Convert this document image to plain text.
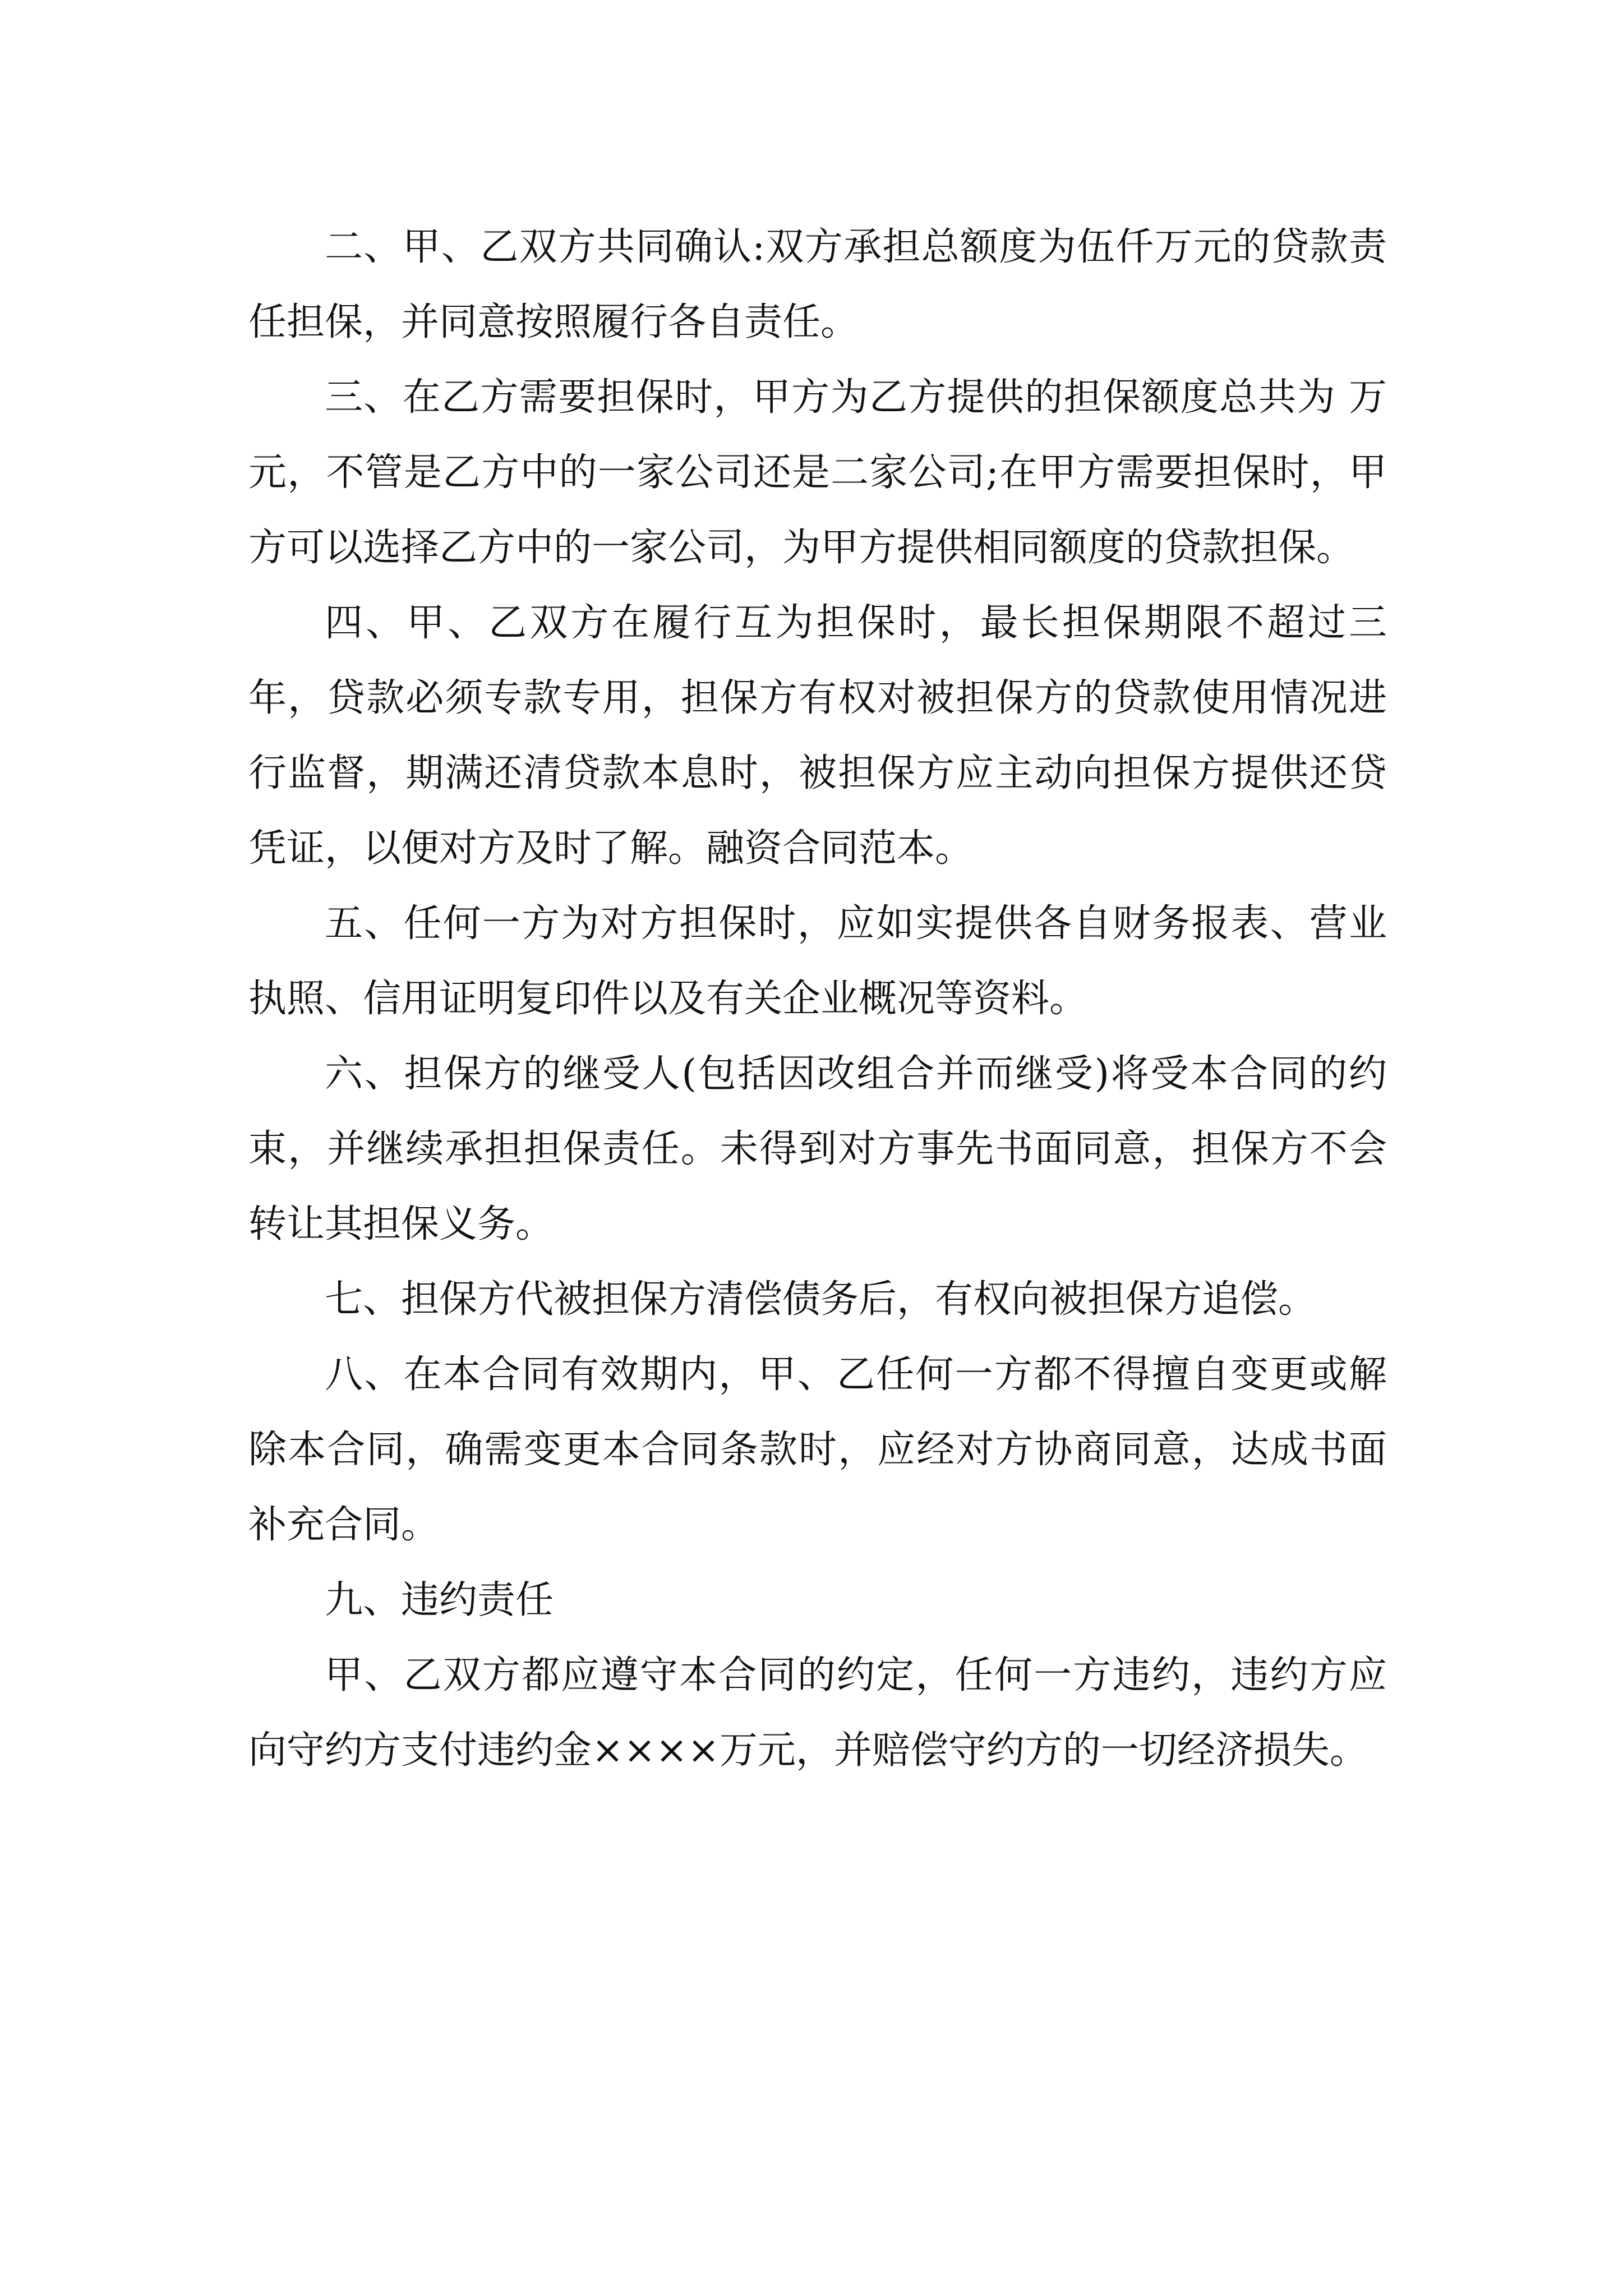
二、甲、乙双方共同确认:双方承担总额度为伍仟万元的贷款责任担保，并同意按照履行各自责任。

三、在乙方需要担保时，甲方为乙方提供的担保额度总共为 万元，不管是乙方中的一家公司还是二家公司;在甲方需要担保时，甲方可以选择乙方中的一家公司，为甲方提供相同额度的贷款担保。

四、甲、乙双方在履行互为担保时，最长担保期限不超过三年，贷款必须专款专用，担保方有权对被担保方的贷款使用情况进行监督，期满还清贷款本息时，被担保方应主动向担保方提供还贷凭证，以便对方及时了解。融资合同范本。

五、任何一方为对方担保时，应如实提供各自财务报表、营业执照、信用证明复印件以及有关企业概况等资料。

六、担保方的继受人(包括因改组合并而继受)将受本合同的约束，并继续承担担保责任。未得到对方事先书面同意，担保方不会转让其担保义务。

七、担保方代被担保方清偿债务后，有权向被担保方追偿。

八、在本合同有效期内，甲、乙任何一方都不得擅自变更或解除本合同，确需变更本合同条款时，应经对方协商同意，达成书面补充合同。

九、违约责任

甲、乙双方都应遵守本合同的约定，任何一方违约，违约方应向守约方支付违约金××××万元，并赔偿守约方的一切经济损失。
